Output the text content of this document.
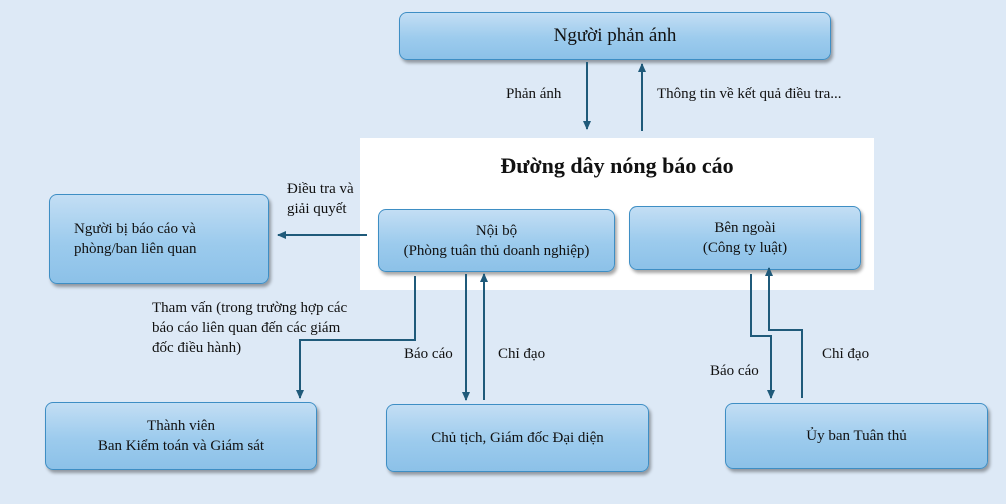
Đường dây nóng báo cáo
Người phản ánh
Nội bộ
(Phòng tuân thủ doanh nghiệp)
Bên ngoài
(Công ty luật)
Người bị báo cáo và
phòng/ban liên quan
Thành viên
Ban Kiểm toán và Giám sát	Chủ tịch, Giám đốc Đại diện	Ủy ban Tuân thủ
Phản ánh	Thông tin về kết quả điều tra...
Điều tra và
giải quyết
Tham vấn (trong trường hợp các
báo cáo liên quan đến các giám
đốc điều hành)	Báo cáo	Chỉ đạo
Báo cáo
Chỉ đạo
